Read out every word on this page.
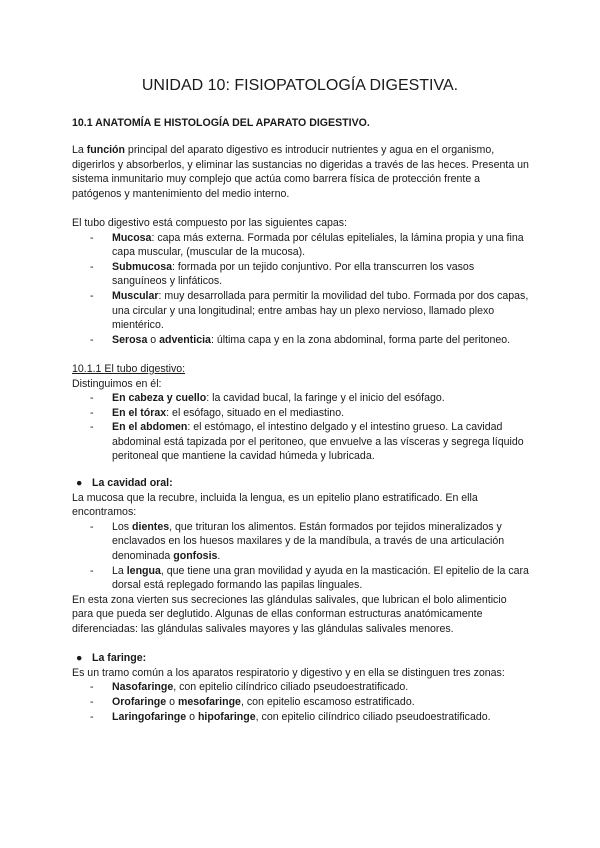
UNIDAD 10: FISIOPATOLOGÍA DIGESTIVA.
10.1 ANATOMÍA E HISTOLOGÍA DEL APARATO DIGESTIVO.

La función principal del aparato digestivo es introducir nutrientes y agua en el organismo, digerirlos y absorberlos, y eliminar las sustancias no digeridas a través de las heces. Presenta un sistema inmunitario muy complejo que actúa como barrera física de protección frente a patógenos y mantenimiento del medio interno.

El tubo digestivo está compuesto por las siguientes capas:

- Mucosa: capa más externa. Formada por células epiteliales, la lámina propia y una fina capa muscular, (muscular de la mucosa).
- Submucosa: formada por un tejido conjuntivo. Por ella transcurren los vasos sanguíneos y linfáticos.
- Muscular: muy desarrollada para permitir la movilidad del tubo. Formada por dos capas, una circular y una longitudinal; entre ambas hay un plexo nervioso, llamado plexo mientérico.
- Serosa o adventicia: última capa y en la zona abdominal, forma parte del peritoneo.

10.1.1 El tubo digestivo:

Distinguimos en él:

- En cabeza y cuello: la cavidad bucal, la faringe y el inicio del esófago.
- En el tórax: el esófago, situado en el mediastino.
- En el abdomen: el estómago, el intestino delgado y el intestino grueso. La cavidad abdominal está tapizada por el peritoneo, que envuelve a las vísceras y segrega líquido peritoneal que mantiene la cavidad húmeda y lubricada.

● La cavidad oral:

La mucosa que la recubre, incluida la lengua, es un epitelio plano estratificado. En ella encontramos:

- Los dientes, que trituran los alimentos. Están formados por tejidos mineralizados y enclavados en los huesos maxilares y de la mandíbula, a través de una articulación denominada gonfosis.
- La lengua, que tiene una gran movilidad y ayuda en la masticación. El epitelio de la cara dorsal está replegado formando las papilas linguales.

En esta zona vierten sus secreciones las glándulas salivales, que lubrican el bolo alimenticio para que pueda ser deglutido. Algunas de ellas conforman estructuras anatómicamente diferenciadas: las glándulas salivales mayores y las glándulas salivales menores.

● La faringe:

Es un tramo común a los aparatos respiratorio y digestivo y en ella se distinguen tres zonas:

- Nasofaringe, con epitelio cilíndrico ciliado pseudoestratificado.
- Orofaringe o mesofaringe, con epitelio escamoso estratificado.
- Laringofaringe o hipofaringe, con epitelio cilíndrico ciliado pseudoestratificado.
